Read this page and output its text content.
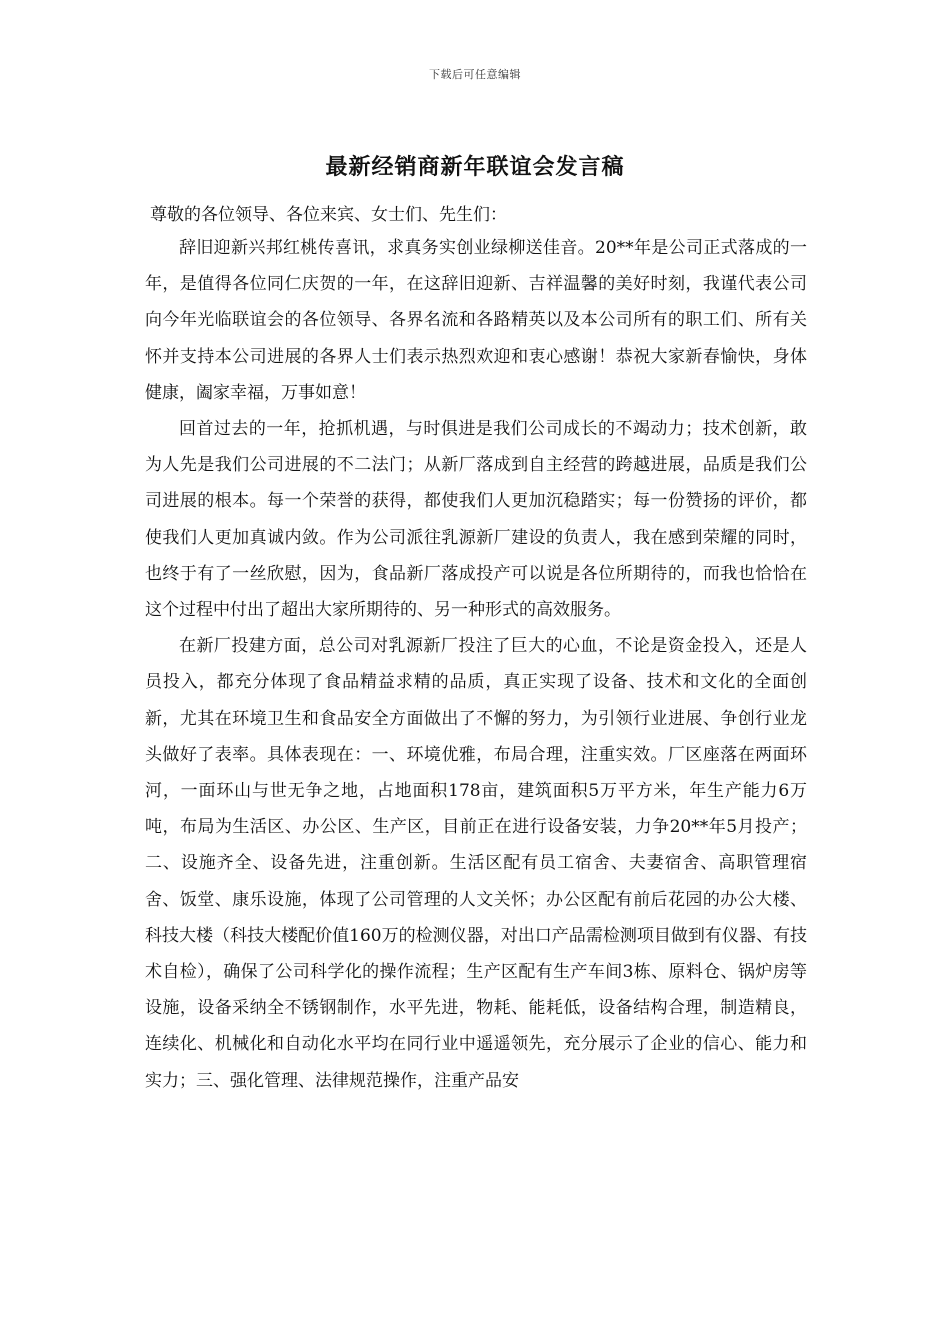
下载后可任意编辑
最新经销商新年联谊会发言稿

尊敬的各位领导、各位来宾、女士们、先生们：

辞旧迎新兴邦红桃传喜讯，求真务实创业绿柳送佳音。20**年是公司正式落成的一年，是值得各位同仁庆贺的一年，在这辞旧迎新、吉祥温馨的美好时刻，我谨代表公司向今年光临联谊会的各位领导、各界名流和各路精英以及本公司所有的职工们、所有关怀并支持本公司进展的各界人士们表示热烈欢迎和衷心感谢！恭祝大家新春愉快，身体健康，阖家幸福，万事如意！

回首过去的一年，抢抓机遇，与时俱进是我们公司成长的不竭动力；技术创新，敢为人先是我们公司进展的不二法门；从新厂落成到自主经营的跨越进展，品质是我们公司进展的根本。每一个荣誉的获得，都使我们人更加沉稳踏实；每一份赞扬的评价，都使我们人更加真诚内敛。作为公司派往乳源新厂建设的负责人，我在感到荣耀的同时，也终于有了一丝欣慰，因为，食品新厂落成投产可以说是各位所期待的，而我也恰恰在这个过程中付出了超出大家所期待的、另一种形式的高效服务。

在新厂投建方面，总公司对乳源新厂投注了巨大的心血，不论是资金投入，还是人员投入，都充分体现了食品精益求精的品质，真正实现了设备、技术和文化的全面创新，尤其在环境卫生和食品安全方面做出了不懈的努力，为引领行业进展、争创行业龙头做好了表率。具体表现在：一、环境优雅，布局合理，注重实效。厂区座落在两面环河，一面环山与世无争之地，占地面积178亩，建筑面积5万平方米，年生产能力6万吨，布局为生活区、办公区、生产区，目前正在进行设备安装，力争20**年5月投产；二、设施齐全、设备先进，注重创新。生活区配有员工宿舍、夫妻宿舍、高职管理宿舍、饭堂、康乐设施，体现了公司管理的人文关怀；办公区配有前后花园的办公大楼、科技大楼（科技大楼配价值160万的检测仪器，对出口产品需检测项目做到有仪器、有技术自检），确保了公司科学化的操作流程；生产区配有生产车间3栋、原料仓、锅炉房等设施，设备采纳全不锈钢制作，水平先进，物耗、能耗低，设备结构合理，制造精良，连续化、机械化和自动化水平均在同行业中遥遥领先，充分展示了企业的信心、能力和实力；三、强化管理、法律规范操作，注重产品安
